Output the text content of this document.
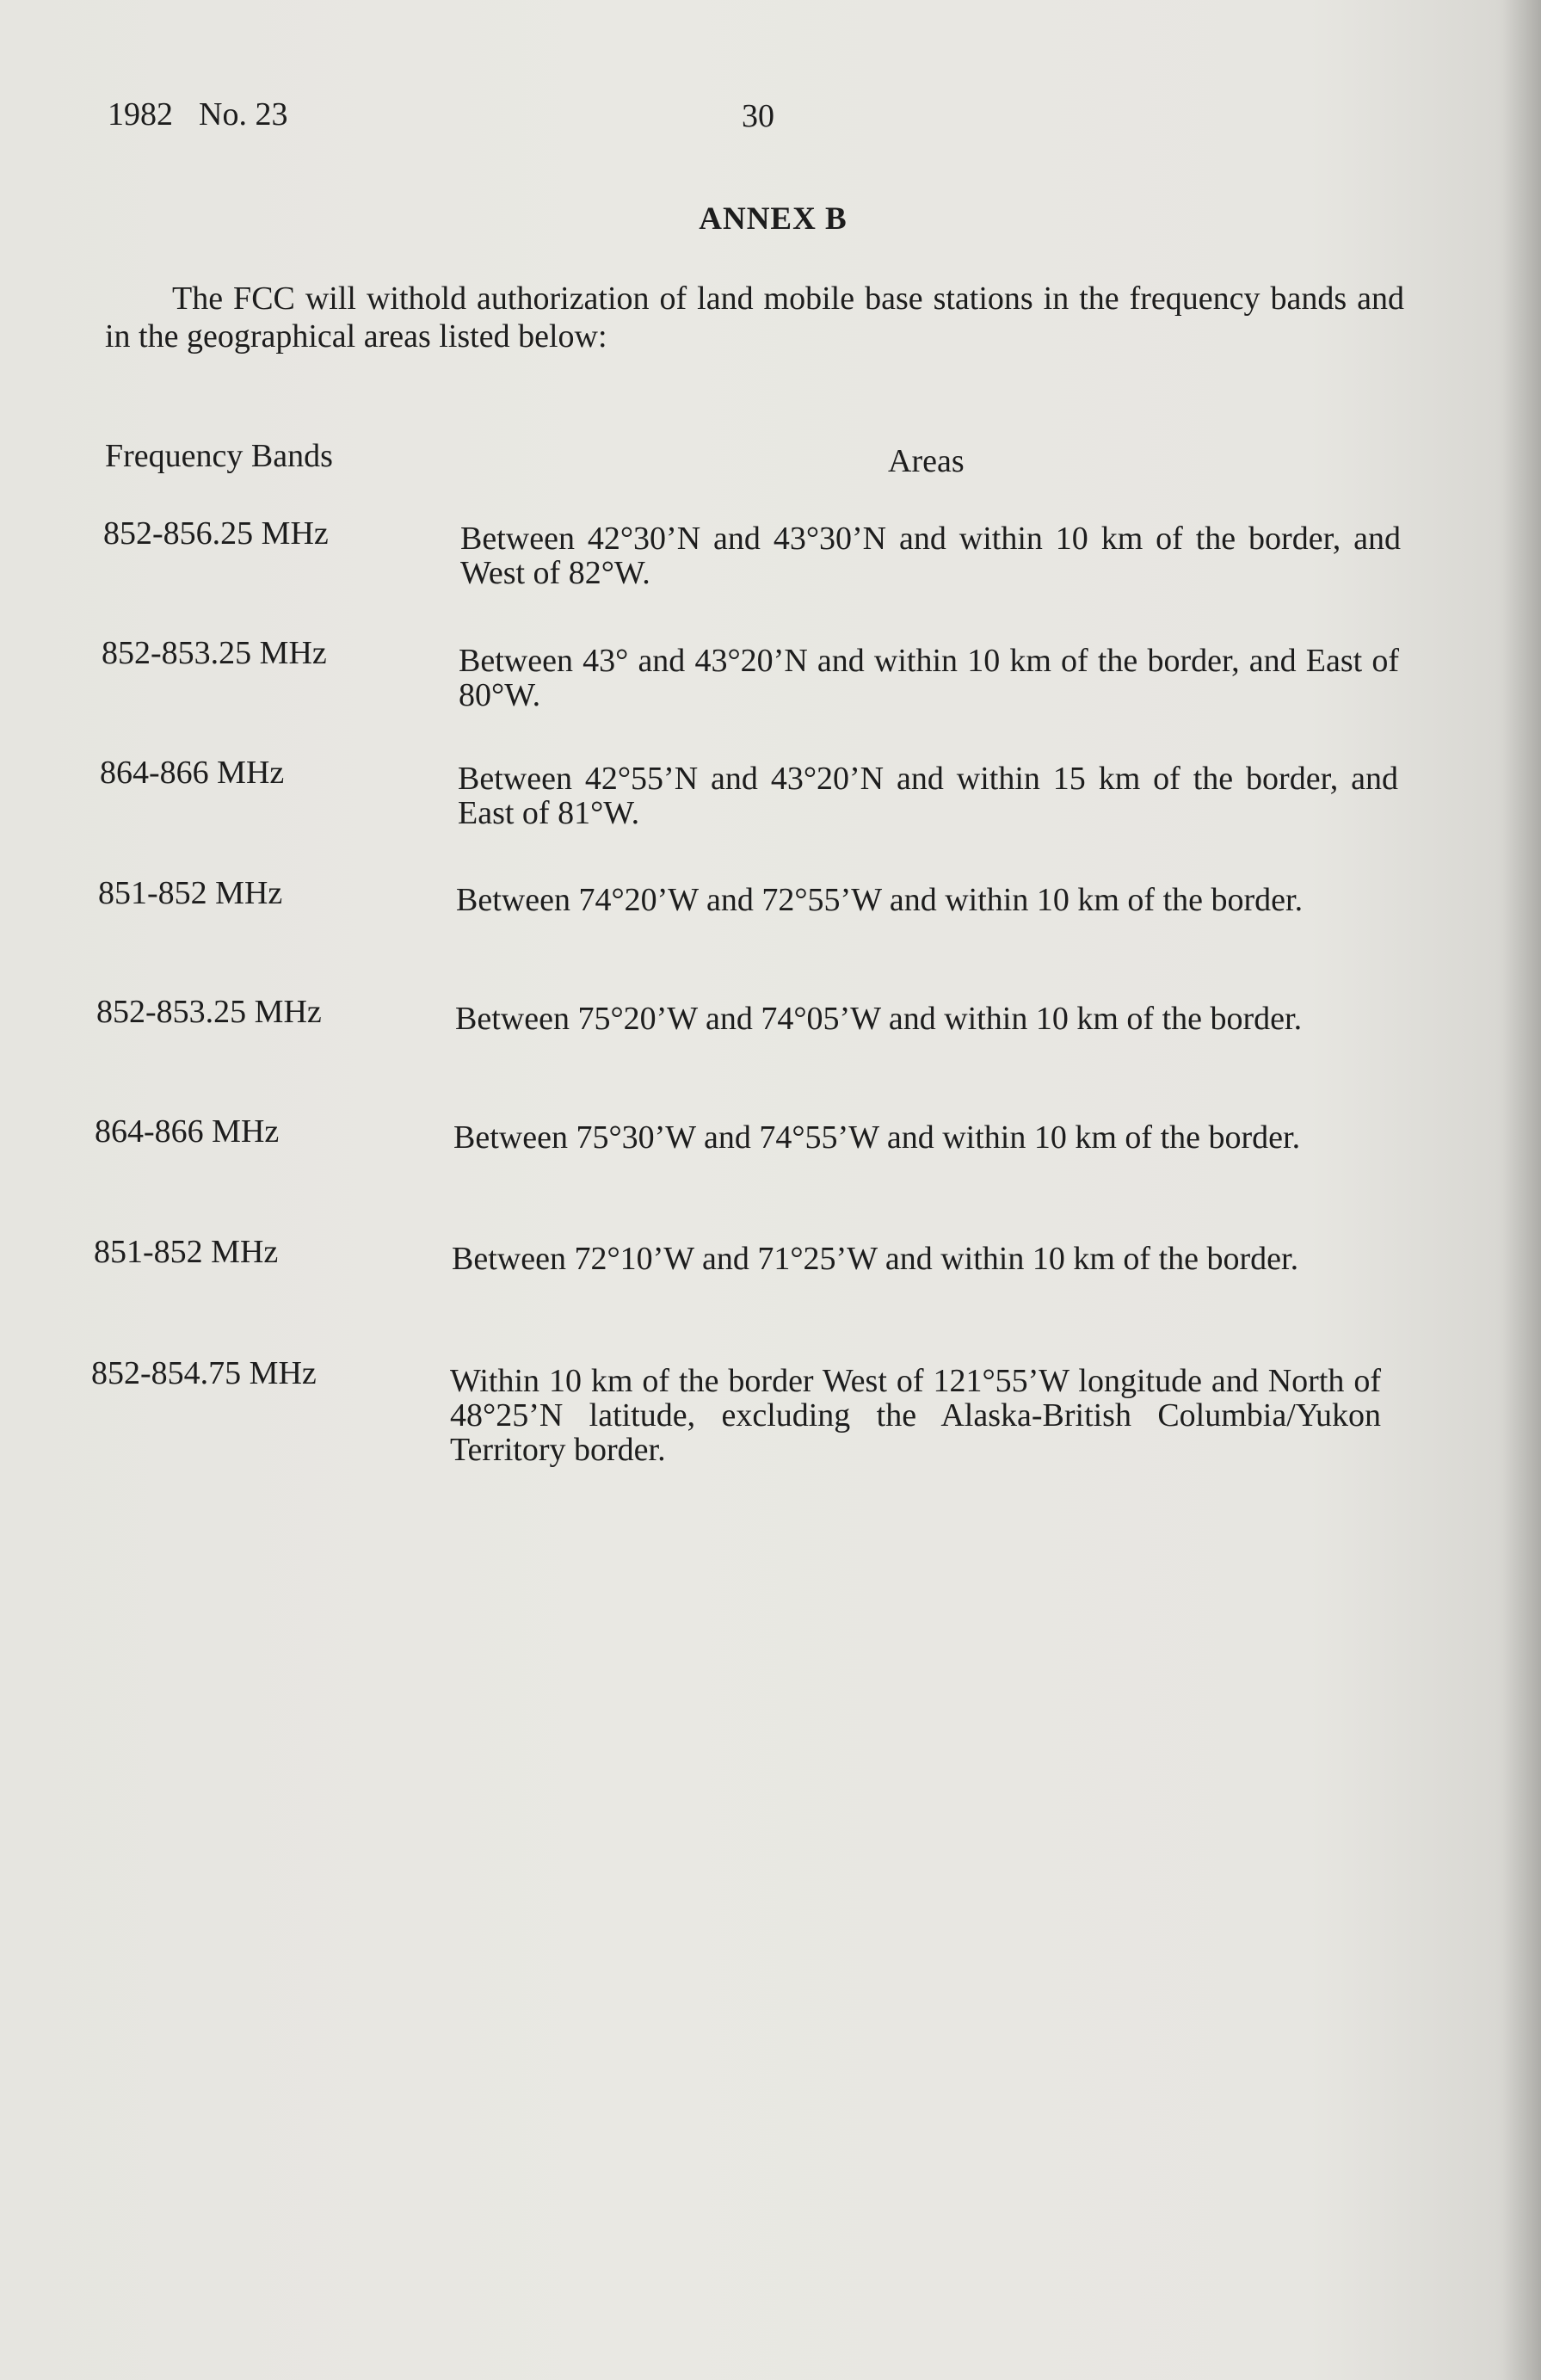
1982 No. 23	30
ANNEX B
The FCC will withold authorization of land mobile base stations in the frequency bands and in the geographical areas listed below:
Frequency Bands	Areas
852-856.25 MHz	Between 42°30’N and 43°30’N and within 10 km of the border, and West of 82°W.
852-853.25 MHz	Between 43° and 43°20’N and within 10 km of the border, and East of 80°W.
864-866 MHz	Between 42°55’N and 43°20’N and within 15 km of the border, and East of 81°W.
851-852 MHz	Between 74°20’W and 72°55’W and within 10 km of the border.
852-853.25 MHz	Between 75°20’W and 74°05’W and within 10 km of the border.
864-866 MHz	Between 75°30’W and 74°55’W and within 10 km of the border.
851-852 MHz	Between 72°10’W and 71°25’W and within 10 km of the border.
852-854.75 MHz	Within 10 km of the border West of 121°55’W longitude and North of 48°25’N latitude, excluding the Alaska-British Columbia/Yukon Territory border.
